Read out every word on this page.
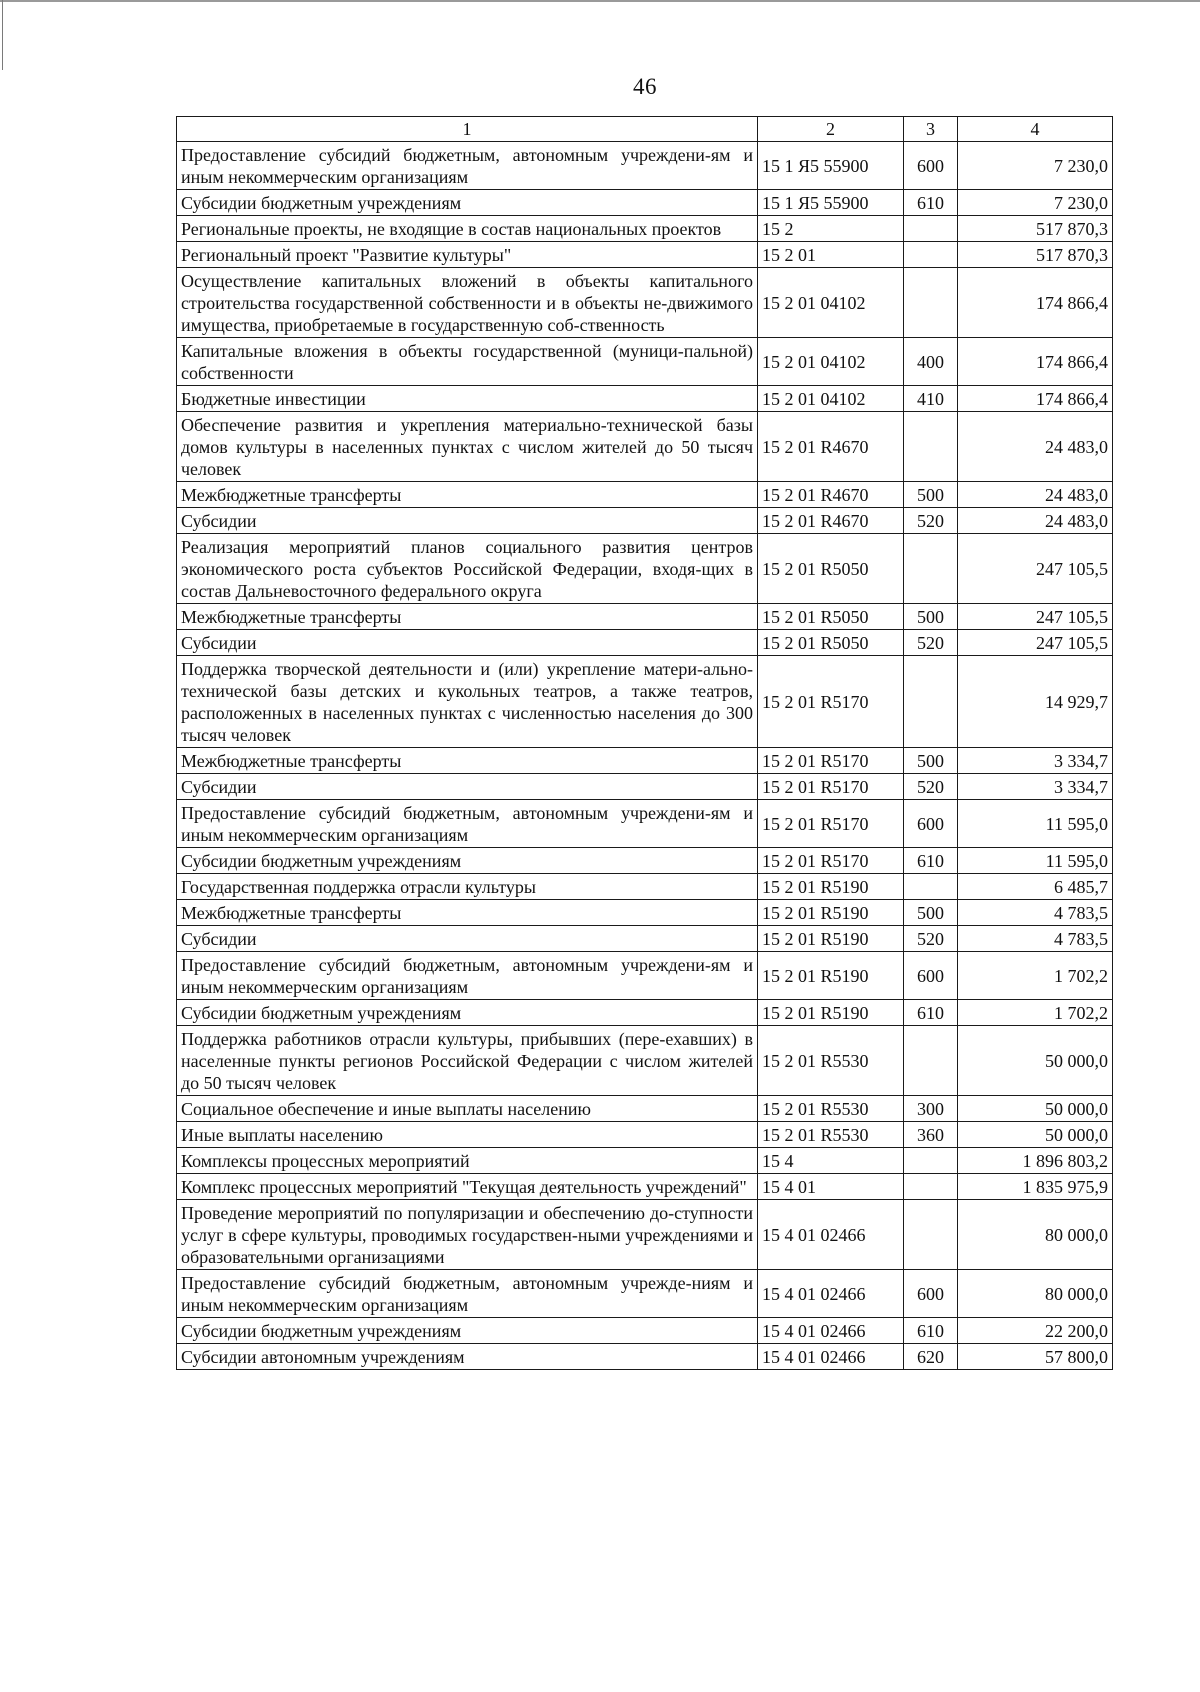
46
1	2	3	4
Предоставление субсидий бюджетным, автономным учреждени-ям и иным некоммерческим организациям	15 1 Я5 55900	600	7 230,0
Субсидии бюджетным учреждениям	15 1 Я5 55900	610	7 230,0
Региональные проекты, не входящие в состав национальных проектов	15 2		517 870,3
Региональный проект "Развитие культуры"	15 2 01		517 870,3
Осуществление капитальных вложений в объекты капитального строительства государственной собственности и в объекты не-движимого имущества, приобретаемые в государственную соб-ственность	15 2 01 04102		174 866,4
Капитальные вложения в объекты государственной (муници-пальной) собственности	15 2 01 04102	400	174 866,4
Бюджетные инвестиции	15 2 01 04102	410	174 866,4
Обеспечение развития и укрепления материально-технической базы домов культуры в населенных пунктах с числом жителей до 50 тысяч человек	15 2 01 R4670		24 483,0
Межбюджетные трансферты	15 2 01 R4670	500	24 483,0
Субсидии	15 2 01 R4670	520	24 483,0
Реализация мероприятий планов социального развития центров экономического роста субъектов Российской Федерации, входя-щих в состав Дальневосточного федерального округа	15 2 01 R5050		247 105,5
Межбюджетные трансферты	15 2 01 R5050	500	247 105,5
Субсидии	15 2 01 R5050	520	247 105,5
Поддержка творческой деятельности и (или) укрепление матери-ально-технической базы детских и кукольных театров, а также театров, расположенных в населенных пунктах с численностью населения до 300 тысяч человек	15 2 01 R5170		14 929,7
Межбюджетные трансферты	15 2 01 R5170	500	3 334,7
Субсидии	15 2 01 R5170	520	3 334,7
Предоставление субсидий бюджетным, автономным учреждени-ям и иным некоммерческим организациям	15 2 01 R5170	600	11 595,0
Субсидии бюджетным учреждениям	15 2 01 R5170	610	11 595,0
Государственная поддержка отрасли культуры	15 2 01 R5190		6 485,7
Межбюджетные трансферты	15 2 01 R5190	500	4 783,5
Субсидии	15 2 01 R5190	520	4 783,5
Предоставление субсидий бюджетным, автономным учреждени-ям и иным некоммерческим организациям	15 2 01 R5190	600	1 702,2
Субсидии бюджетным учреждениям	15 2 01 R5190	610	1 702,2
Поддержка работников отрасли культуры, прибывших (пере-ехавших) в населенные пункты регионов Российской Федерации с числом жителей до 50 тысяч человек	15 2 01 R5530		50 000,0
Социальное обеспечение и иные выплаты населению	15 2 01 R5530	300	50 000,0
Иные выплаты населению	15 2 01 R5530	360	50 000,0
Комплексы процессных мероприятий	15 4		1 896 803,2
Комплекс процессных мероприятий "Текущая деятельность учреждений"	15 4 01		1 835 975,9
Проведение мероприятий по популяризации и обеспечению до-ступности услуг в сфере культуры, проводимых государствен-ными учреждениями и образовательными организациями	15 4 01 02466		80 000,0
Предоставление субсидий бюджетным, автономным учрежде-ниям и иным некоммерческим организациям	15 4 01 02466	600	80 000,0
Субсидии бюджетным учреждениям	15 4 01 02466	610	22 200,0
Субсидии автономным учреждениям	15 4 01 02466	620	57 800,0
